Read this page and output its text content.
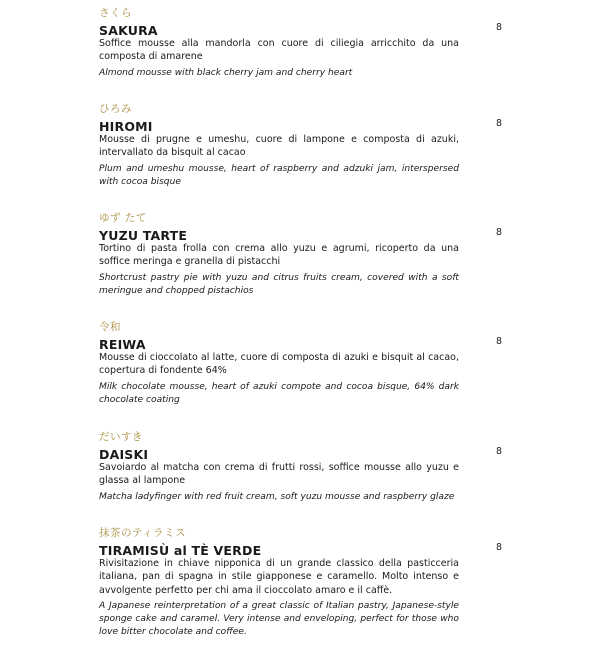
さくら
SAKURA	8
Soffice mousse alla mandorla con cuore di ciliegia arricchito da una composta di amarene
Almond mousse with black cherry jam and cherry heart
ひろみ
HIROMI	8
Mousse di prugne e umeshu, cuore di lampone e composta di azuki, intervallato da bisquit al cacao
Plum and umeshu mousse, heart of raspberry and adzuki jam, interspersed with cocoa bisque
ゆず たて
YUZU TARTE	8
Tortino di pasta frolla con crema allo yuzu e agrumi, ricoperto da una soffice meringa e granella di pistacchi
Shortcrust pastry pie with yuzu and citrus fruits cream, covered with a soft meringue and chopped pistachios
令和
REIWA	8
Mousse di cioccolato al latte, cuore di composta di azuki e bisquit al cacao, copertura di fondente 64%
Milk chocolate mousse, heart of azuki compote and cocoa bisque, 64% dark chocolate coating
だいすき
DAISKI	8
Savoiardo al matcha con crema di frutti rossi, soffice mousse allo yuzu e glassa al lampone
Matcha ladyfinger with red fruit cream, soft yuzu mousse and raspberry glaze
抹茶のティラミス
TIRAMISÙ al TÈ VERDE	8
Rivisitazione in chiave nipponica di un grande classico della pasticceria italiana, pan di spagna in stile giapponese e caramello. Molto intenso e avvolgente perfetto per chi ama il cioccolato amaro e il caffè.
A Japanese reinterpretation of a great classic of Italian pastry, Japanese-style sponge cake and caramel. Very intense and enveloping, perfect for those who love bitter chocolate and coffee.
